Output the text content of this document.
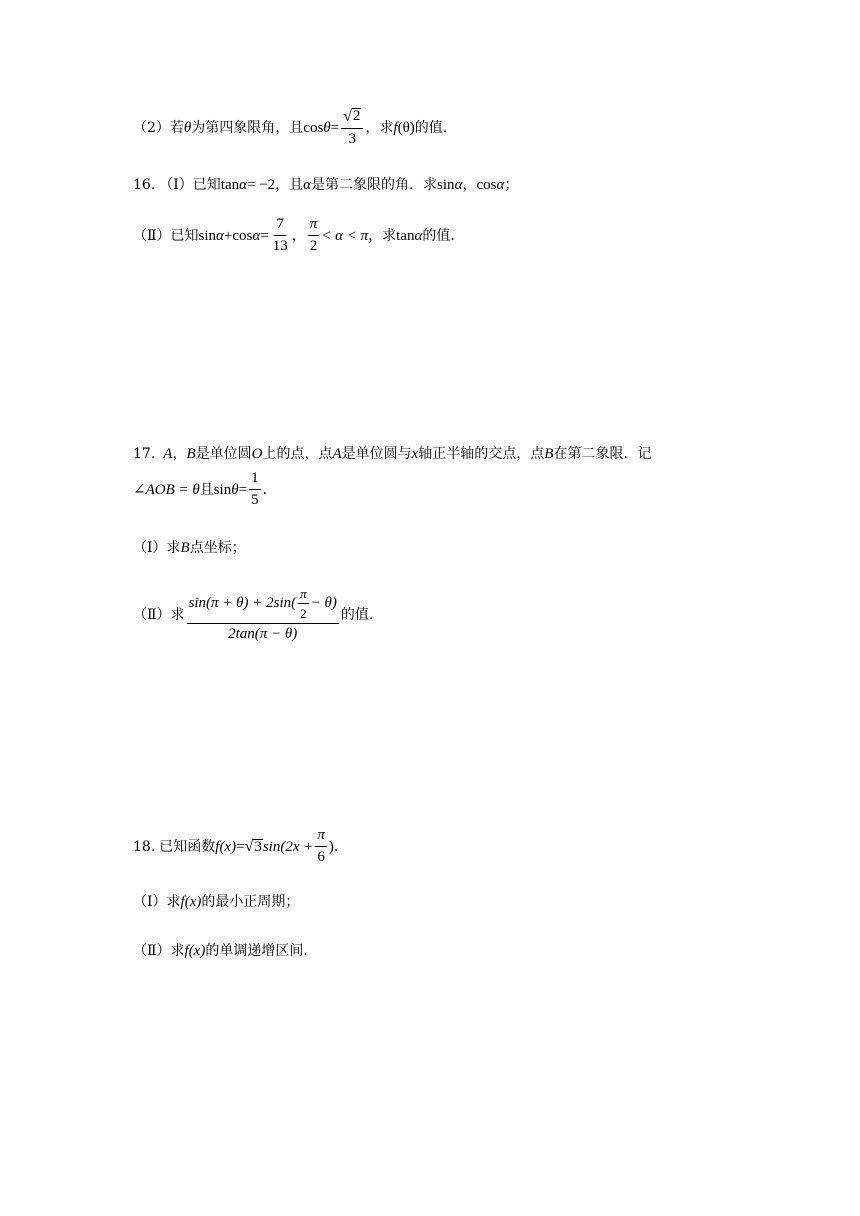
（2） 若 θ 为第四象限角，且 $\cos \theta = \frac{√ 2}{3}$ ，求 f (θ) 的值.
16. （Ⅰ） 已知 tan α = −2 ，且 α 是第二象限的角．求 sin α ， cos α ；
（Ⅱ） 已知 $\sin \alpha + \cos \alpha = \frac{7}{13}$ ， $\frac{\pi}{2} < \alpha < \pi$ ，求 tan α 的值.
17. A ， B 是单位圆 O 上的点，点 A 是单位圆与 x 轴正半轴的交点，点 B 在第二象限．记
∠AOB = θ 且 $\sin \theta = \frac{1}{5}$ ．
（Ⅰ） 求 B 点坐标；
（Ⅱ） 求
$\sin(\pi + \theta) + 2\sin( \frac{\pi}{2} - \theta)$
2tan(π − θ)
的值.
18. 已知函数 f (x) = √ 3 $\sin(2x + \frac{\pi}{6}$ ) ．
（Ⅰ） 求 f (x) 的最小正周期；
（Ⅱ） 求 f (x) 的单调递增区间.
